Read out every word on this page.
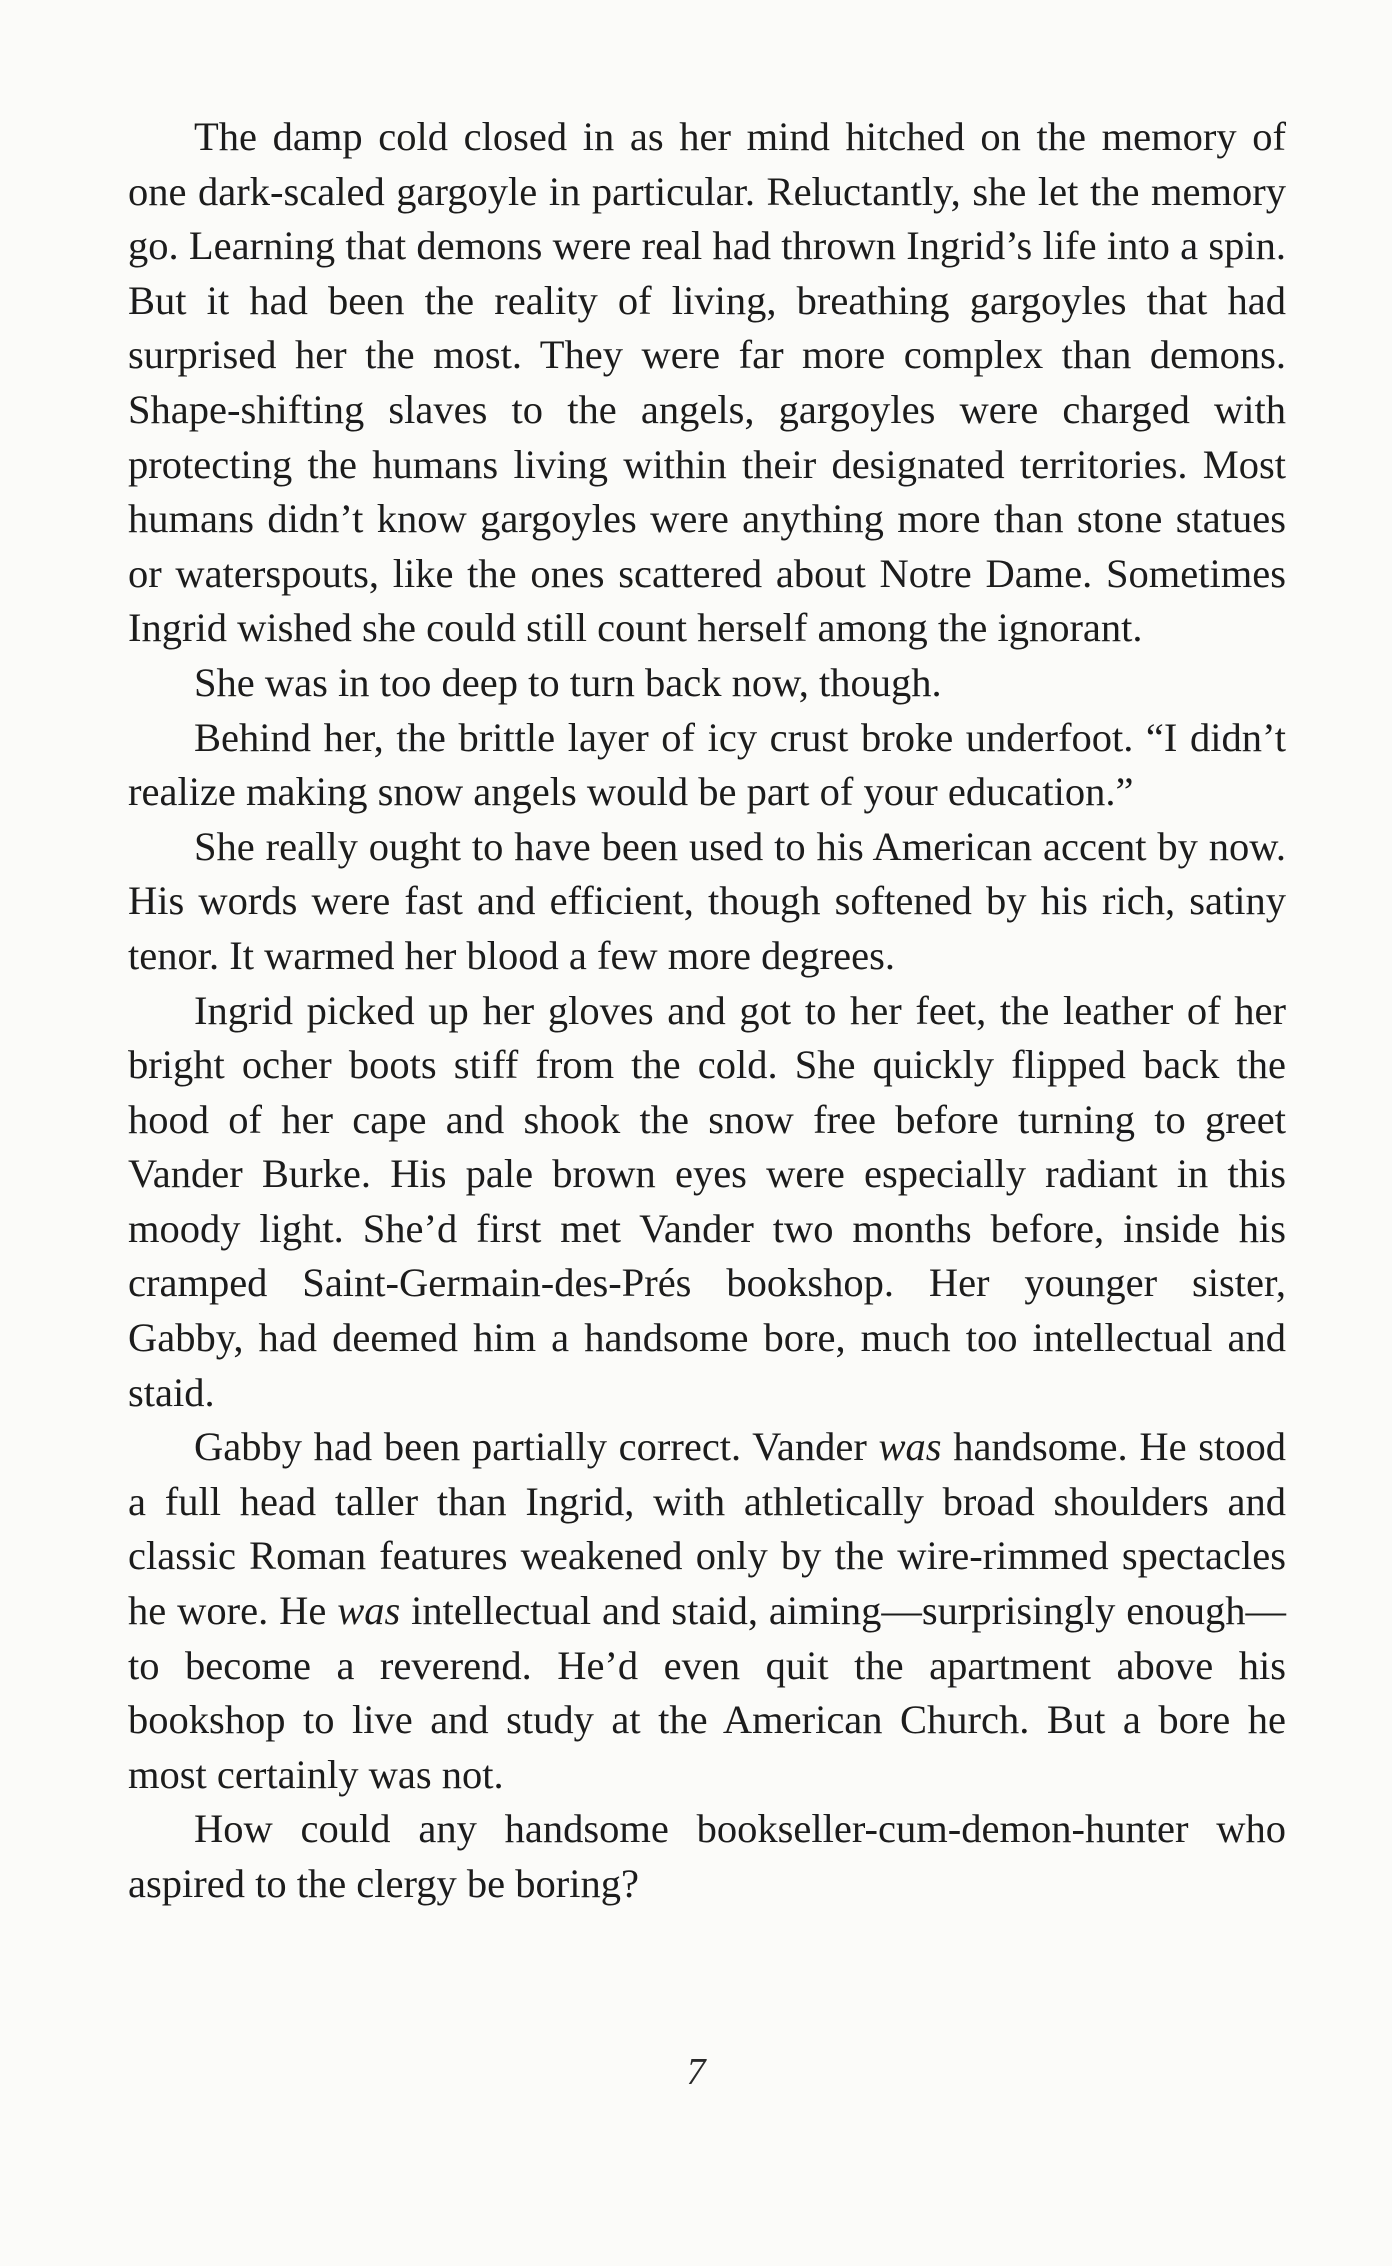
The damp cold closed in as her mind hitched on the memory of one dark-scaled gargoyle in particular. Reluctantly, she let the memory go. Learning that demons were real had thrown Ingrid’s life into a spin. But it had been the reality of living, breathing gargoyles that had surprised her the most. They were far more complex than demons. Shape-shifting slaves to the angels, gargoyles were charged with protecting the humans living within their designated territories. Most humans didn’t know gargoyles were anything more than stone statues or waterspouts, like the ones scattered about Notre Dame. Sometimes Ingrid wished she could still count herself among the ignorant.

She was in too deep to turn back now, though.

Behind her, the brittle layer of icy crust broke underfoot. “I didn’t realize making snow angels would be part of your education.”

She really ought to have been used to his American accent by now. His words were fast and efficient, though softened by his rich, satiny tenor. It warmed her blood a few more degrees.

Ingrid picked up her gloves and got to her feet, the leather of her bright ocher boots stiff from the cold. She quickly flipped back the hood of her cape and shook the snow free before turning to greet Vander Burke. His pale brown eyes were especially radiant in this moody light. She’d first met Vander two months before, inside his cramped Saint-Germain-des-Prés bookshop. Her younger sister, Gabby, had deemed him a handsome bore, much too intellectual and staid.

Gabby had been partially correct. Vander was handsome. He stood a full head taller than Ingrid, with athletically broad shoulders and classic Roman features weakened only by the wire-rimmed spectacles he wore. He was intellectual and staid, aiming—surprisingly enough—to become a reverend. He’d even quit the apartment above his bookshop to live and study at the American Church. But a bore he most certainly was not.

How could any handsome bookseller-cum-demon-hunter who aspired to the clergy be boring?

7
